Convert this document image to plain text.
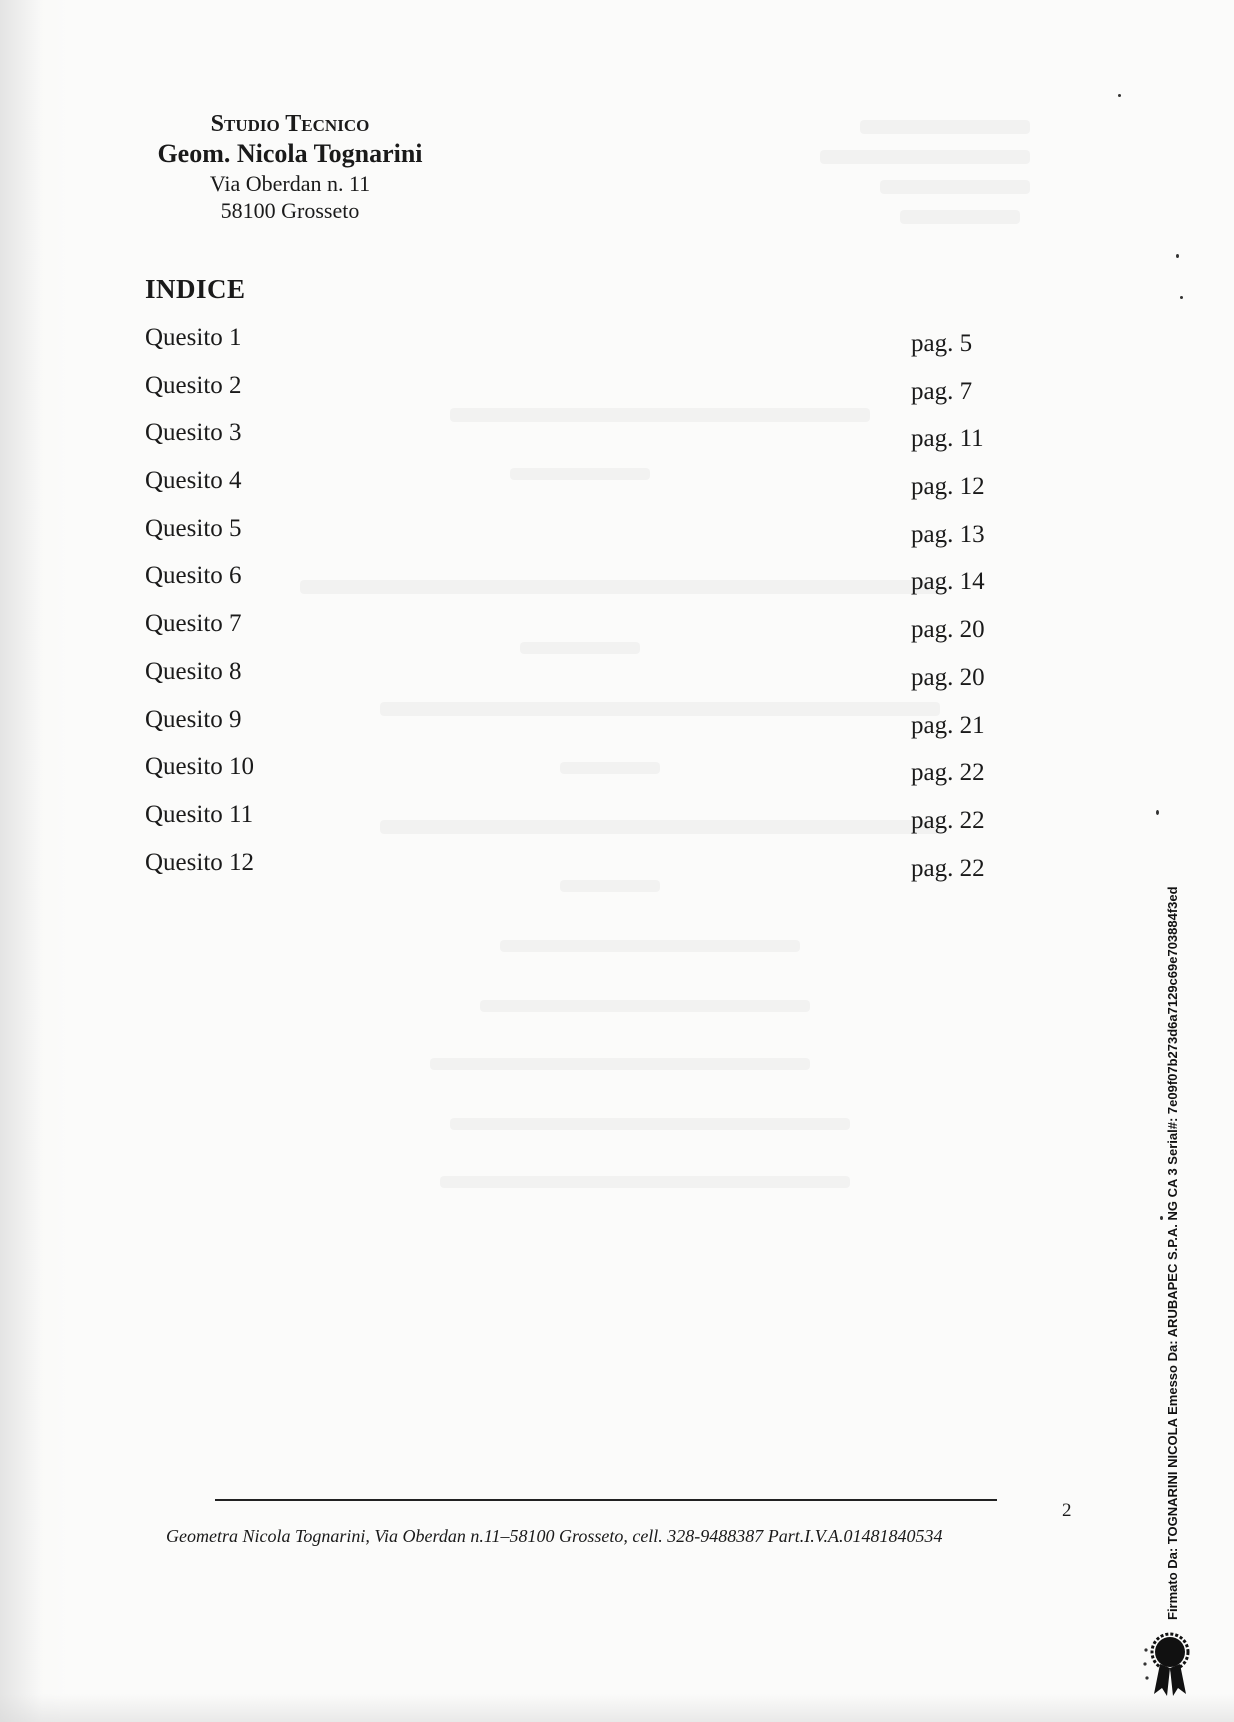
Studio Tecnico
Geom. Nicola Tognarini
Via Oberdan n. 11
58100 Grosseto
INDICE
Quesito 1	pag. 5
Quesito 2	pag. 7
Quesito 3	pag. 11
Quesito 4	pag. 12
Quesito 5	pag. 13
Quesito 6	pag. 14
Quesito 7	pag. 20
Quesito 8	pag. 20
Quesito 9	pag. 21
Quesito 10	pag. 22
Quesito 11	pag. 22
Quesito 12	pag. 22
2
Geometra Nicola Tognarini, Via Oberdan n.11–58100 Grosseto, cell. 328-9488387 Part.I.V.A.01481840534	Firmato Da: TOGNARINI NICOLA Emesso Da: ARUBAPEC S.P.A. NG CA 3 Serial#: 7e09f07b273d6a7129c69e703884f3ed
